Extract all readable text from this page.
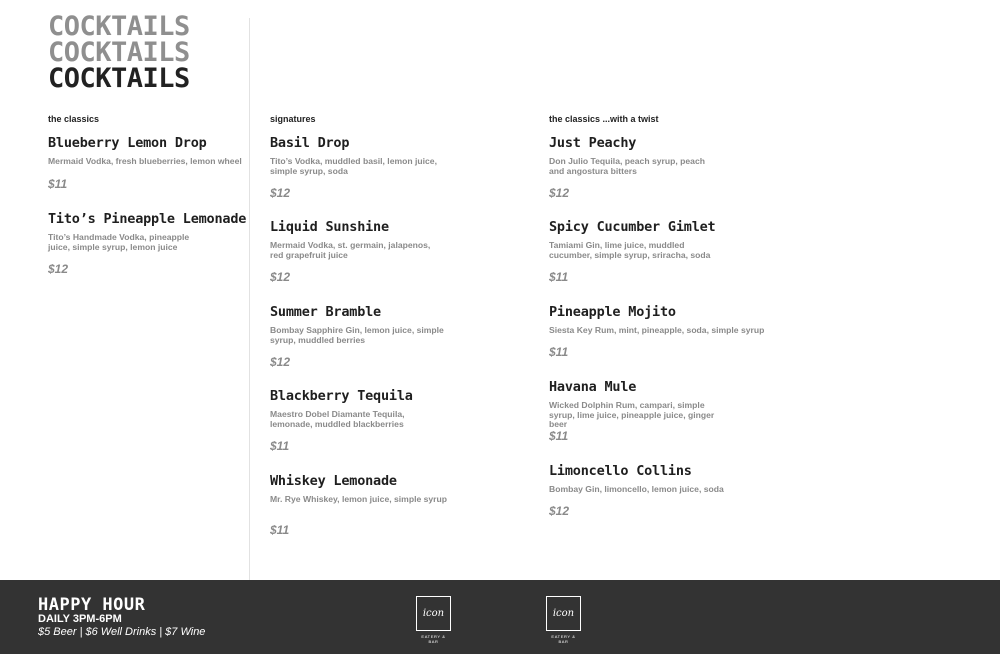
COCKTAILS
COCKTAILS
COCKTAILS
the classics
Blueberry Lemon Drop
Mermaid Vodka, fresh blueberries, lemon wheel
$11
Tito’s Pineapple Lemonade
Tito’s Handmade Vodka, pineapple juice, simple syrup, lemon juice
$12
signatures
Basil Drop
Tito’s Vodka, muddled basil, lemon juice, simple syrup, soda
$12
Liquid Sunshine
Mermaid Vodka, st. germain, jalapenos, red grapefruit juice
$12
Summer Bramble
Bombay Sapphire Gin, lemon juice, simple syrup, muddled berries
$12
Blackberry Tequila
Maestro Dobel Diamante Tequila, lemonade, muddled blackberries
$11
Whiskey Lemonade
Mr. Rye Whiskey, lemon juice, simple syrup
$11
the classics ...with a twist
Just Peachy
Don Julio Tequila, peach syrup, peach and angostura bitters
$12
Spicy Cucumber Gimlet
Tamiami Gin, lime juice, muddled cucumber, simple syrup, sriracha, soda
$11
Pineapple Mojito
Siesta Key Rum, mint, pineapple, soda, simple syrup
$11
Havana Mule
Wicked Dolphin Rum, campari, simple syrup, lime juice, pineapple juice, ginger beer
$11
Limoncello Collins
Bombay Gin, limoncello, lemon juice, soda
$12
HAPPY HOUR
DAILY 3PM-6PM
$5 Beer | $6 Well Drinks | $7 Wine
icon
EATERY & BAR
icon
EATERY & BAR
